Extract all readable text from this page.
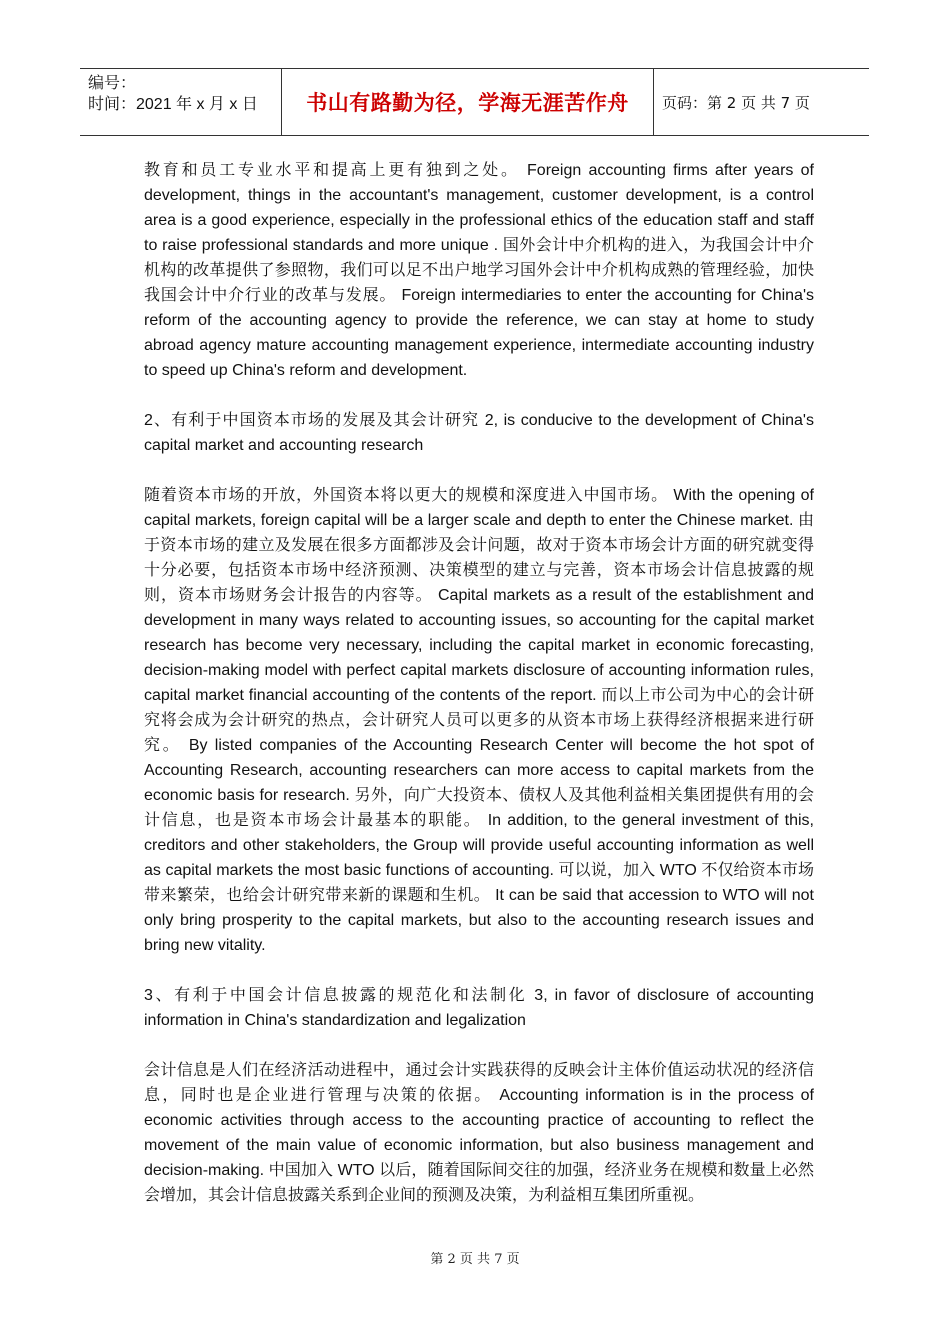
编号：
时间：2021 年 x 月 x 日	书山有路勤为径，学海无涯苦作舟 页码：第 2 页 共 7 页

教育和员工专业水平和提高上更有独到之处。 Foreign accounting firms after years of development, things in the accountant's management, customer development, is a control area is a good experience, especially in the professional ethics of the education staff and staff to raise professional standards and more unique . 国外会计中介机构的进入，为我国会计中介机构的改革提供了参照物，我们可以足不出户地学习国外会计中介机构成熟的管理经验，加快我国会计中介行业的改革与发展。 Foreign intermediaries to enter the accounting for China's reform of the accounting agency to provide the reference, we can stay at home to study abroad agency mature accounting management experience, intermediate accounting industry to speed up China's reform and development.

2、有利于中国资本市场的发展及其会计研究 2, is conducive to the development of China's capital market and accounting research

随着资本市场的开放，外国资本将以更大的规模和深度进入中国市场。 With the opening of capital markets, foreign capital will be a larger scale and depth to enter the Chinese market. 由于资本市场的建立及发展在很多方面都涉及会计问题，故对于资本市场会计方面的研究就变得十分必要，包括资本市场中经济预测、决策模型的建立与完善，资本市场会计信息披露的规则，资本市场财务会计报告的内容等。 Capital markets as a result of the establishment and development in many ways related to accounting issues, so accounting for the capital market research has become very necessary, including the capital market in economic forecasting, decision-making model with perfect capital markets disclosure of accounting information rules, capital market financial accounting of the contents of the report. 而以上市公司为中心的会计研究将会成为会计研究的热点，会计研究人员可以更多的从资本市场上获得经济根据来进行研究。 By listed companies of the Accounting Research Center will become the hot spot of Accounting Research, accounting researchers can more access to capital markets from the economic basis for research. 另外，向广大投资本、债权人及其他利益相关集团提供有用的会计信息，也是资本市场会计最基本的职能。 In addition, to the general investment of this, creditors and other stakeholders, the Group will provide useful accounting information as well as capital markets the most basic functions of accounting. 可以说，加入 WTO 不仅给资本市场带来繁荣，也给会计研究带来新的课题和生机。 It can be said that accession to WTO will not only bring prosperity to the capital markets, but also to the accounting research issues and bring new vitality.

3、有利于中国会计信息披露的规范化和法制化 3, in favor of disclosure of accounting information in China's standardization and legalization

会计信息是人们在经济活动进程中，通过会计实践获得的反映会计主体价值运动状况的经济信息，同时也是企业进行管理与决策的依据。 Accounting information is in the process of economic activities through access to the accounting practice of accounting to reflect the movement of the main value of economic information, but also business management and decision-making. 中国加入 WTO 以后，随着国际间交往的加强，经济业务在规模和数量上必然会增加，其会计信息披露关系到企业间的预测及决策，为利益相互集团所重视。

第 2 页 共 7 页
